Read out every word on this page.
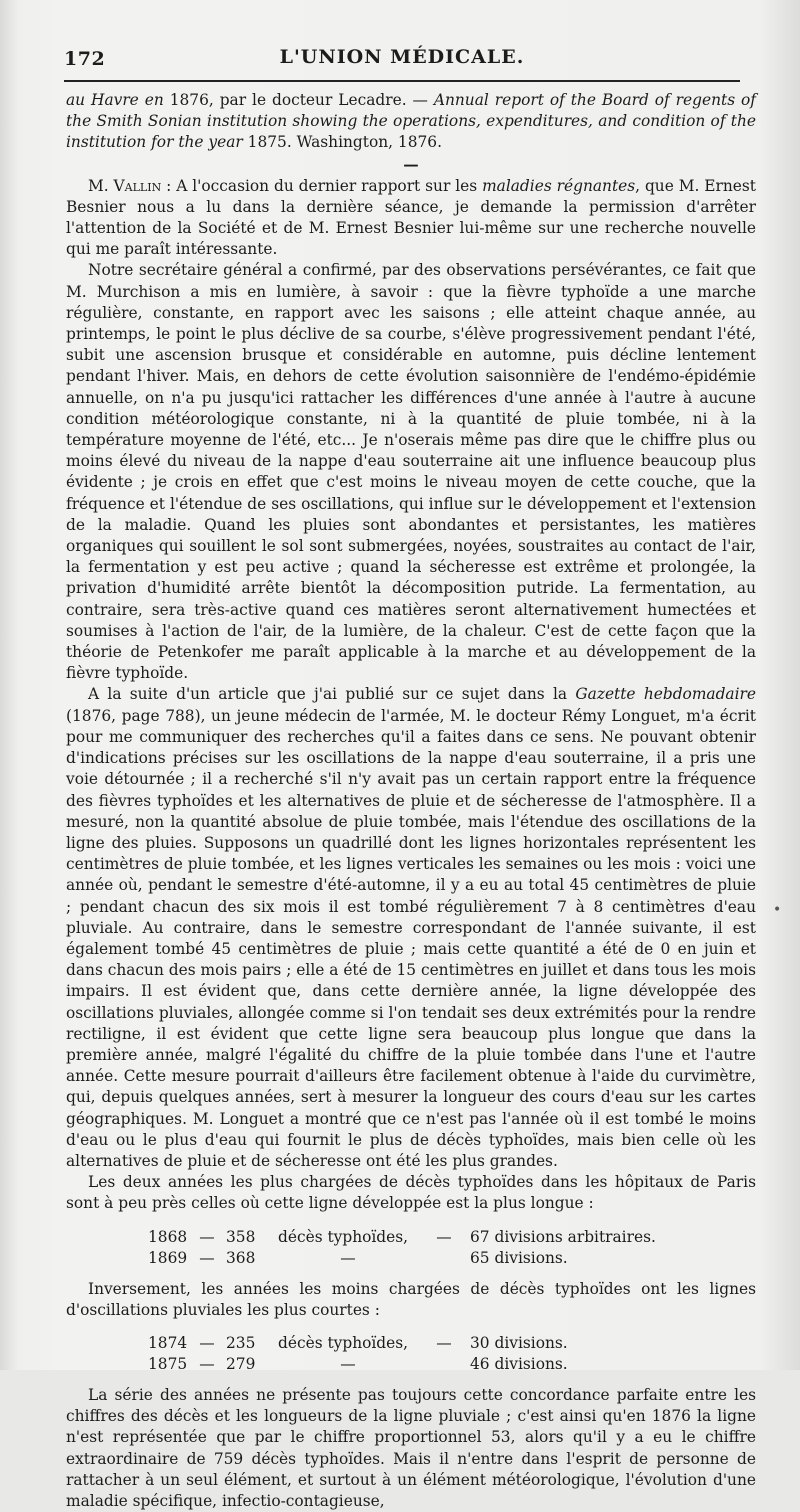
172	L'UNION MÉDICALE.

au Havre en 1876, par le docteur Lecadre. — Annual report of the Board of regents of the Smith Sonian institution showing the operations, expenditures, and condition of the institution for the year 1875. Washington, 1876.

—

M. Vallin : A l'occasion du dernier rapport sur les maladies régnantes, que M. Ernest Besnier nous a lu dans la dernière séance, je demande la permission d'arrêter l'attention de la Société et de M. Ernest Besnier lui-même sur une recherche nouvelle qui me paraît intéressante.

Notre secrétaire général a confirmé, par des observations persévérantes, ce fait que M. Murchison a mis en lumière, à savoir : que la fièvre typhoïde a une marche régulière, constante, en rapport avec les saisons ; elle atteint chaque année, au printemps, le point le plus déclive de sa courbe, s'élève progressivement pendant l'été, subit une ascension brusque et considérable en automne, puis décline lentement pendant l'hiver. Mais, en dehors de cette évolution saisonnière de l'endémo-épidémie annuelle, on n'a pu jusqu'ici rattacher les différences d'une année à l'autre à aucune condition météorologique constante, ni à la quantité de pluie tombée, ni à la température moyenne de l'été, etc... Je n'oserais même pas dire que le chiffre plus ou moins élevé du niveau de la nappe d'eau souterraine ait une influence beaucoup plus évidente ; je crois en effet que c'est moins le niveau moyen de cette couche, que la fréquence et l'étendue de ses oscillations, qui influe sur le développement et l'extension de la maladie. Quand les pluies sont abondantes et persistantes, les matières organiques qui souillent le sol sont submergées, noyées, soustraites au contact de l'air, la fermentation y est peu active ; quand la sécheresse est extrême et prolongée, la privation d'humidité arrête bientôt la décomposition putride. La fermentation, au contraire, sera très-active quand ces matières seront alternativement humectées et soumises à l'action de l'air, de la lumière, de la chaleur. C'est de cette façon que la théorie de Petenkofer me paraît applicable à la marche et au développement de la fièvre typhoïde.

A la suite d'un article que j'ai publié sur ce sujet dans la Gazette hebdomadaire (1876, page 788), un jeune médecin de l'armée, M. le docteur Rémy Longuet, m'a écrit pour me communiquer des recherches qu'il a faites dans ce sens. Ne pouvant obtenir d'indications précises sur les oscillations de la nappe d'eau souterraine, il a pris une voie détournée ; il a recherché s'il n'y avait pas un certain rapport entre la fréquence des fièvres typhoïdes et les alternatives de pluie et de sécheresse de l'atmosphère. Il a mesuré, non la quantité absolue de pluie tombée, mais l'étendue des oscillations de la ligne des pluies. Supposons un quadrillé dont les lignes horizontales représentent les centimètres de pluie tombée, et les lignes verticales les semaines ou les mois : voici une année où, pendant le semestre d'été-automne, il y a eu au total 45 centimètres de pluie ; pendant chacun des six mois il est tombé régulièrement 7 à 8 centimètres d'eau pluviale. Au contraire, dans le semestre correspondant de l'année suivante, il est également tombé 45 centimètres de pluie ; mais cette quantité a été de 0 en juin et dans chacun des mois pairs ; elle a été de 15 centimètres en juillet et dans tous les mois impairs. Il est évident que, dans cette dernière année, la ligne développée des oscillations pluviales, allongée comme si l'on tendait ses deux extrémités pour la rendre rectiligne, il est évident que cette ligne sera beaucoup plus longue que dans la première année, malgré l'égalité du chiffre de la pluie tombée dans l'une et l'autre année. Cette mesure pourrait d'ailleurs être facilement obtenue à l'aide du curvimètre, qui, depuis quelques années, sert à mesurer la longueur des cours d'eau sur les cartes géographiques. M. Longuet a montré que ce n'est pas l'année où il est tombé le moins d'eau ou le plus d'eau qui fournit le plus de décès typhoïdes, mais bien celle où les alternatives de pluie et de sécheresse ont été les plus grandes.

Les deux années les plus chargées de décès typhoïdes dans les hôpitaux de Paris sont à peu près celles où cette ligne développée est la plus longue :

1868	—	358	décès typhoïdes,	—	67 divisions arbitraires.
1869	—	368	—		65 divisions.

Inversement, les années les moins chargées de décès typhoïdes ont les lignes d'oscillations pluviales les plus courtes :

1874	—	235	décès typhoïdes,	—	30 divisions.
1875	—	279	—		46 divisions.

La série des années ne présente pas toujours cette concordance parfaite entre les chiffres des décès et les longueurs de la ligne pluviale ; c'est ainsi qu'en 1876 la ligne n'est représentée que par le chiffre proportionnel 53, alors qu'il y a eu le chiffre extraordinaire de 759 décès typhoïdes. Mais il n'entre dans l'esprit de personne de rattacher à un seul élément, et surtout à un élément météorologique, l'évolution d'une maladie spécifique, infectio-contagieuse,

•
